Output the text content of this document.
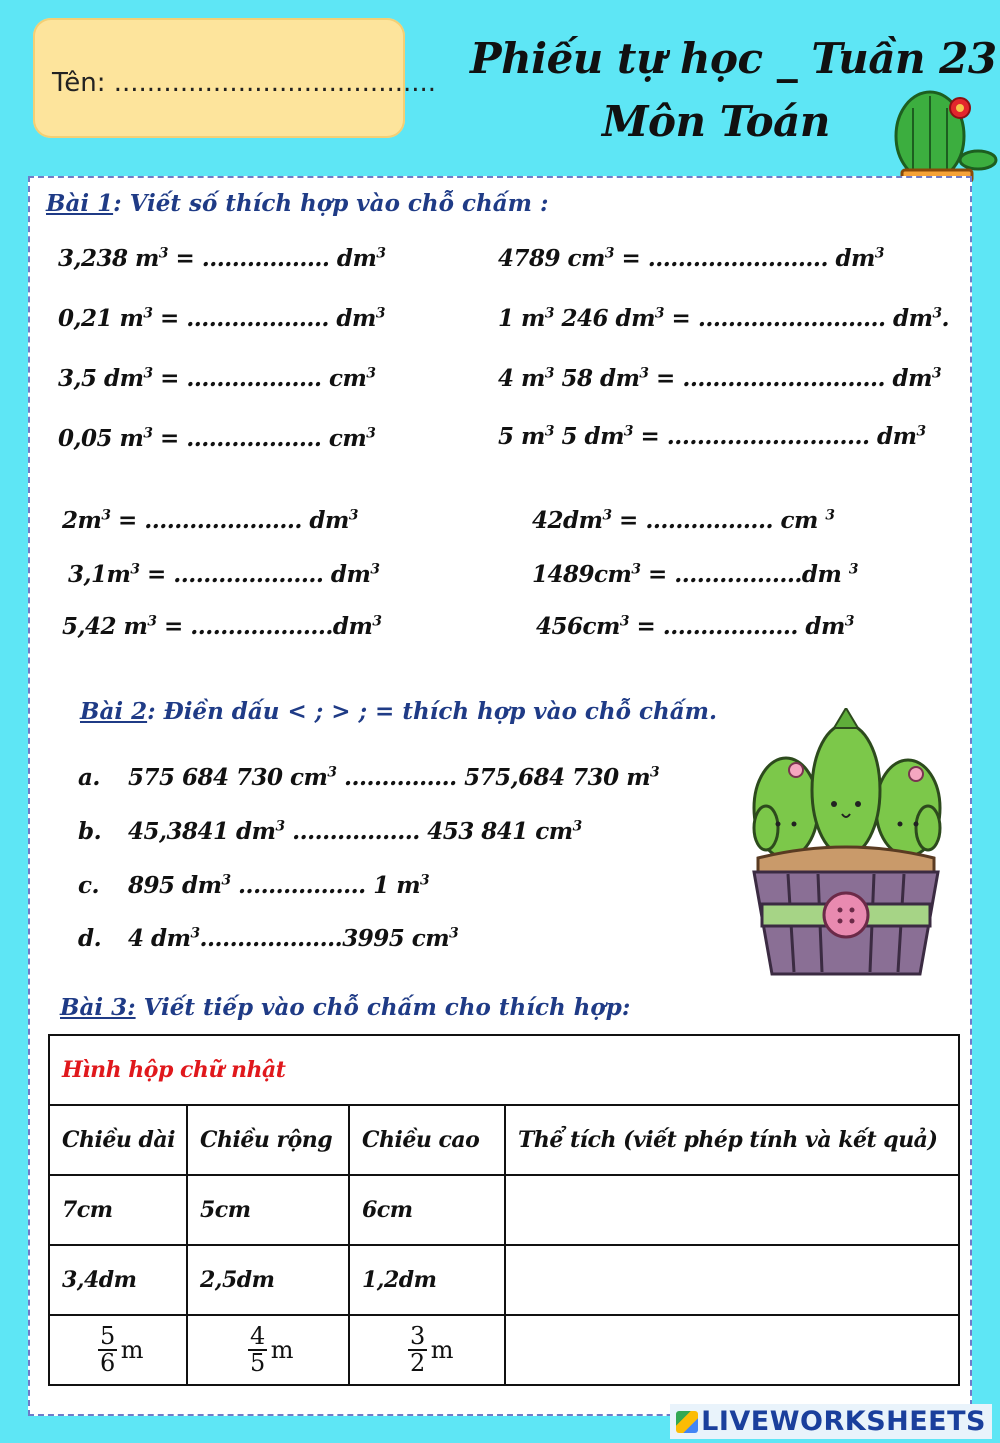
Tên: ....................................... Phiếu tự học _ Tuần 23
Môn Toán
Bài 1: Viết số thích hợp vào chỗ chấm :
3,238 $m^3$ = ................. $dm^3$
0,21 $m^3$ = ................... $dm^3$
3,5 $dm^3$ = .................. $cm^3$
0,05 $m^3$ = .................. $cm^3$
4789 $cm^3$ = ........................ $dm^3$
1 $m^3$ 246 $dm^3$ = ......................... $dm^3$.
4 $m^3$ 58 $dm^3$ = ........................... $dm^3$
5 $m^3$ 5 $dm^3$ = ........................... $dm^3$
$2m^3$ = ..................... $dm^3$
$3,1m^3$ = .................... $dm^3$
5,42 $m^3 = ...................dm^3$
$42dm^3$ = ................. cm $^3$
$1489cm^3 = .................dm$ $^3$
$456cm^3$ = .................. $dm^3$
Bài 2: Điền dấu < ; > ; = thích hợp vào chỗ chấm.
a. 575 684 730 $cm^3$ ............... 575,684 730 $m^3$
b. 45,3841 $dm^3$ ................. 453 841 $cm^3$
c. 895 $dm^3$ ................. 1 $m^3$
d. 4 $dm^3...................3995$ $cm^3$
Bài 3: Viết tiếp vào chỗ chấm cho thích hợp:
Hình hộp chữ nhật			
Chiều dài	Chiều rộng	Chiều cao	Thể tích (viết phép tính và kết quả)
7cm	5cm	6cm	
3,4dm	2,5dm	1,2dm	

$\frac{5}{6}$ m	$\frac{4}{5}$ m	$\frac{3}{2}$ m	
LIVEWORKSHEETS
